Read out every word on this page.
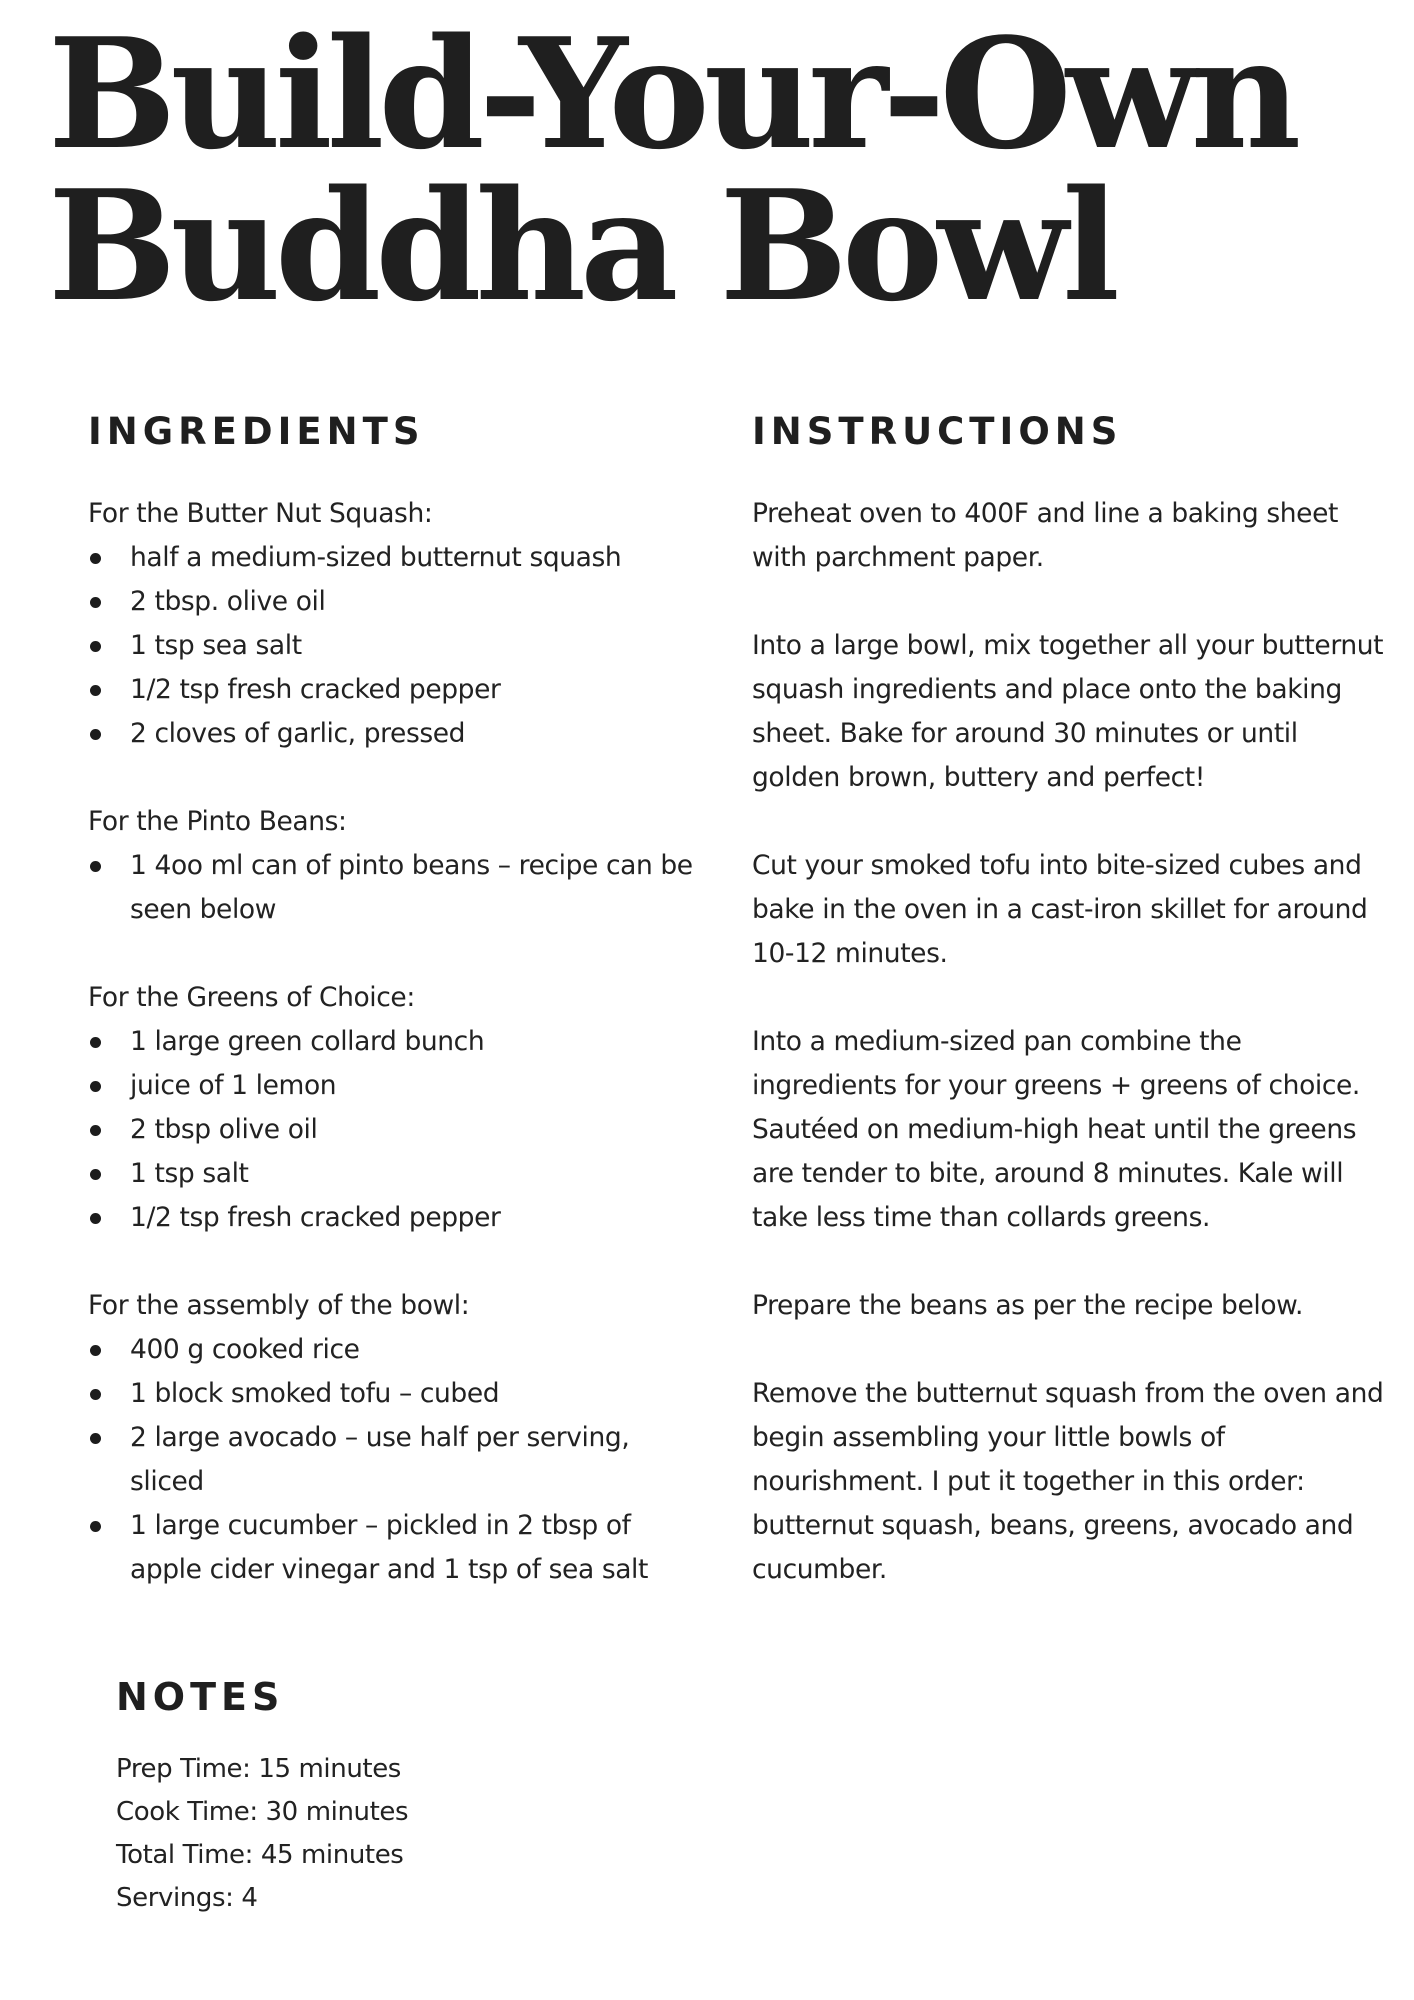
Build-Your-Own
Buddha Bowl
INGREDIENTS	INSTRUCTIONS

For the Butter Nut Squash:

half a medium-sized butternut squash
2 tbsp. olive oil
1 tsp sea salt
1/2 tsp fresh cracked pepper
2 cloves of garlic, pressed

For the Pinto Beans:

1 4oo ml can of pinto beans – recipe can be seen below

For the Greens of Choice:

1 large green collard bunch
juice of 1 lemon
2 tbsp olive oil
1 tsp salt
1/2 tsp fresh cracked pepper

For the assembly of the bowl:

400 g cooked rice
1 block smoked tofu – cubed
2 large avocado – use half per serving, sliced
1 large cucumber – pickled in 2 tbsp of apple cider vinegar and 1 tsp of sea salt

Preheat oven to 400F and line a baking sheet with parchment paper.

Into a large bowl, mix together all your butternut squash ingredients and place onto the baking sheet. Bake for around 30 minutes or until golden brown, buttery and perfect!

Cut your smoked tofu into bite-sized cubes and bake in the oven in a cast-iron skillet for around 10-12 minutes.

Into a medium-sized pan combine the ingredients for your greens + greens of choice. Sautéed on medium-high heat until the greens are tender to bite, around 8 minutes. Kale will take less time than collards greens.

Prepare the beans as per the recipe below.

Remove the butternut squash from the oven and begin assembling your little bowls of nourishment. I put it together in this order: butternut squash, beans, greens, avocado and cucumber.

NOTES
Prep Time: 15 minutes
Cook Time: 30 minutes
Total Time: 45 minutes
Servings: 4
